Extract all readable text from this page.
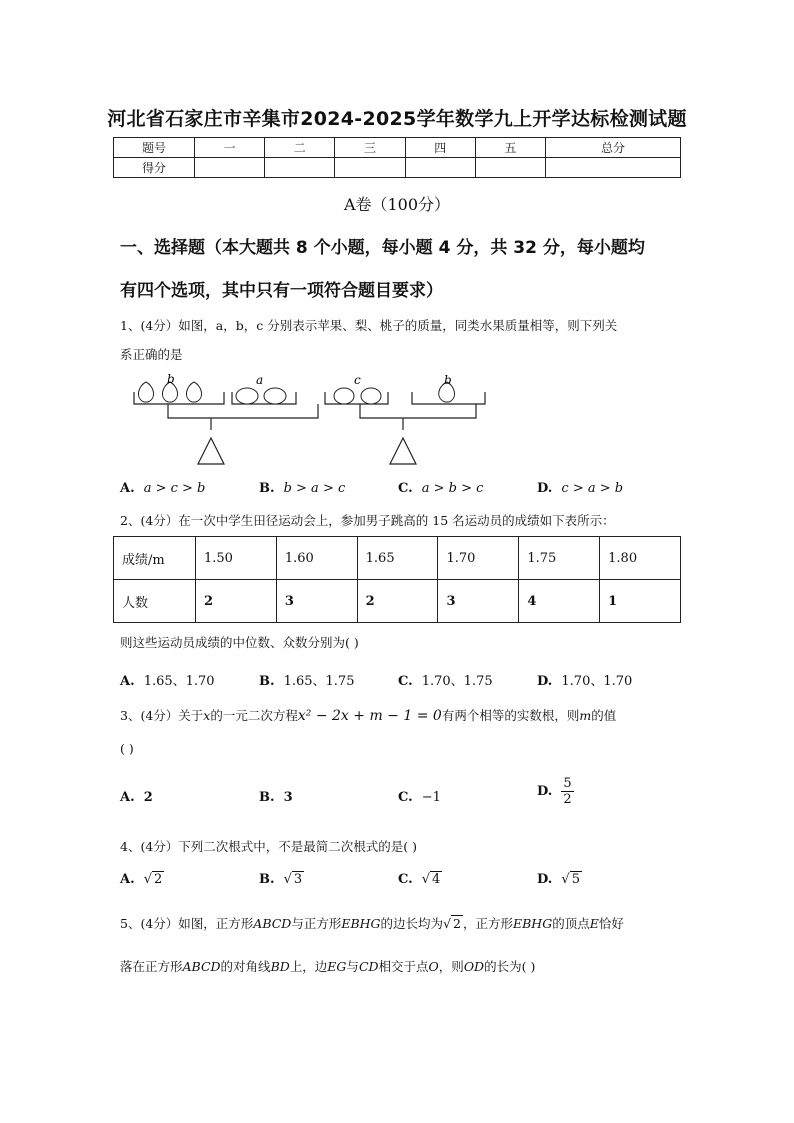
河北省石家庄市辛集市2024-2025学年数学九上开学达标检测试题
题号	一	二	三	四	五	总分
得分						
A卷（100分）
一、选择题（本大题共 8 个小题，每小题 4 分，共 32 分，每小题均
有四个选项，其中只有一项符合题目要求）
1、(4分）如图，a，b，c 分别表示苹果、梨、桃子的质量，同类水果质量相等，则下列关
系正确的是
b	a	c	b
A. a > c > b	B. b > a > c	C. a > b > c	D. c > a > b
2、(4分）在一次中学生田径运动会上，参加男子跳高的 15 名运动员的成绩如下表所示：
成绩/m	1.50	1.60	1.65	1.70	1.75	1.80
人数	2	3	2	3	4	1
则这些运动员成绩的中位数、众数分别为( )
A. 1.65、1.70	B. 1.65、1.75	C. 1.70、1.75	D. 1.70、1.70
3、(4分）关于x的一元二次方程x² − 2x + m − 1 = 0有两个相等的实数根，则m的值
( )
A. 2	B. 3	C. −1	D. $\frac{5}{2}$
4、(4分）下列二次根式中，不是最简二次根式的是( )
A. √ 2	B. √ 3	C. √ 4	D. √ 5
5、(4分）如图，正方形ABCD与正方形EBHG的边长均为√ 2 ，正方形EBHG的顶点E恰好
落在正方形ABCD的对角线BD上，边EG与CD相交于点O，则OD的长为( )
